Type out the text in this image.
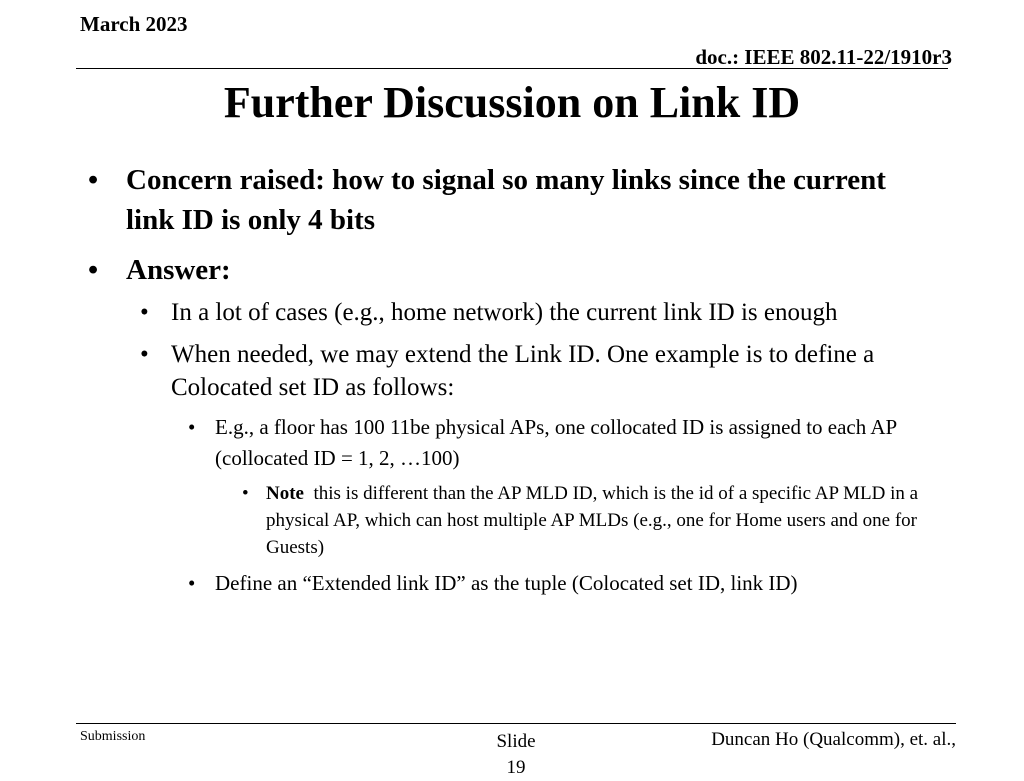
March 2023
doc.: IEEE 802.11-22/1910r3
Further Discussion on Link ID
• Concern raised: how to signal so many links since the current link ID is only 4 bits
• Answer:
• In a lot of cases (e.g., home network) the current link ID is enough
• When needed, we may extend the Link ID. One example is to define a Colocated set ID as follows:
• E.g., a floor has 100 11be physical APs, one collocated ID is assigned to each AP (collocated ID = 1, 2, …100)
• Note  this is different than the AP MLD ID, which is the id of a specific AP MLD in a physical AP, which can host multiple AP MLDs (e.g., one for Home users and one for Guests)
• Define an “Extended link ID” as the tuple (Colocated set ID, link ID)
Submission	Slide
19
Duncan Ho (Qualcomm), et. al.,
